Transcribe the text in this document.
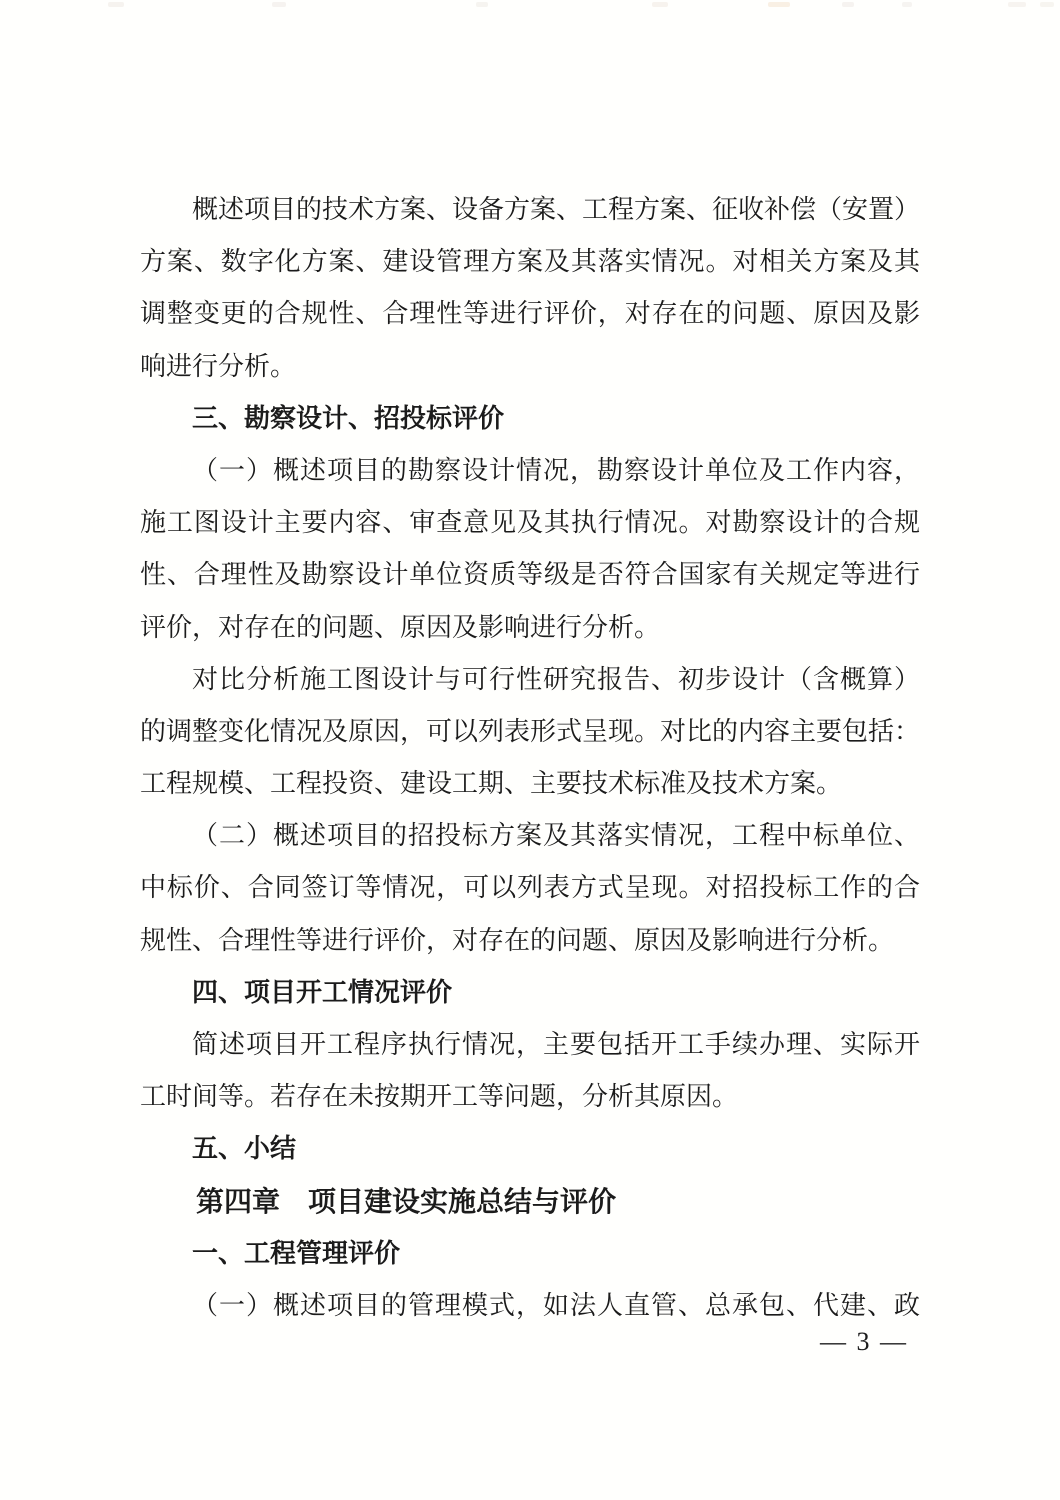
概述项目的技术方案、设备方案、工程方案、征收补偿（安置）
方案、数字化方案、建设管理方案及其落实情况。对相关方案及其
调整变更的合规性、合理性等进行评价，对存在的问题、原因及影
响进行分析。
三、勘察设计、招投标评价
（一）概述项目的勘察设计情况，勘察设计单位及工作内容，
施工图设计主要内容、审查意见及其执行情况。对勘察设计的合规
性、合理性及勘察设计单位资质等级是否符合国家有关规定等进行
评价，对存在的问题、原因及影响进行分析。
对比分析施工图设计与可行性研究报告、初步设计（含概算）
的调整变化情况及原因，可以列表形式呈现。对比的内容主要包括：
工程规模、工程投资、建设工期、主要技术标准及技术方案。
（二）概述项目的招投标方案及其落实情况，工程中标单位、
中标价、合同签订等情况，可以列表方式呈现。对招投标工作的合
规性、合理性等进行评价，对存在的问题、原因及影响进行分析。
四、项目开工情况评价
简述项目开工程序执行情况，主要包括开工手续办理、实际开
工时间等。若存在未按期开工等问题，分析其原因。
五、小结
第四章　项目建设实施总结与评价
一、工程管理评价
（一）概述项目的管理模式，如法人直管、总承包、代建、政
— 3 —
